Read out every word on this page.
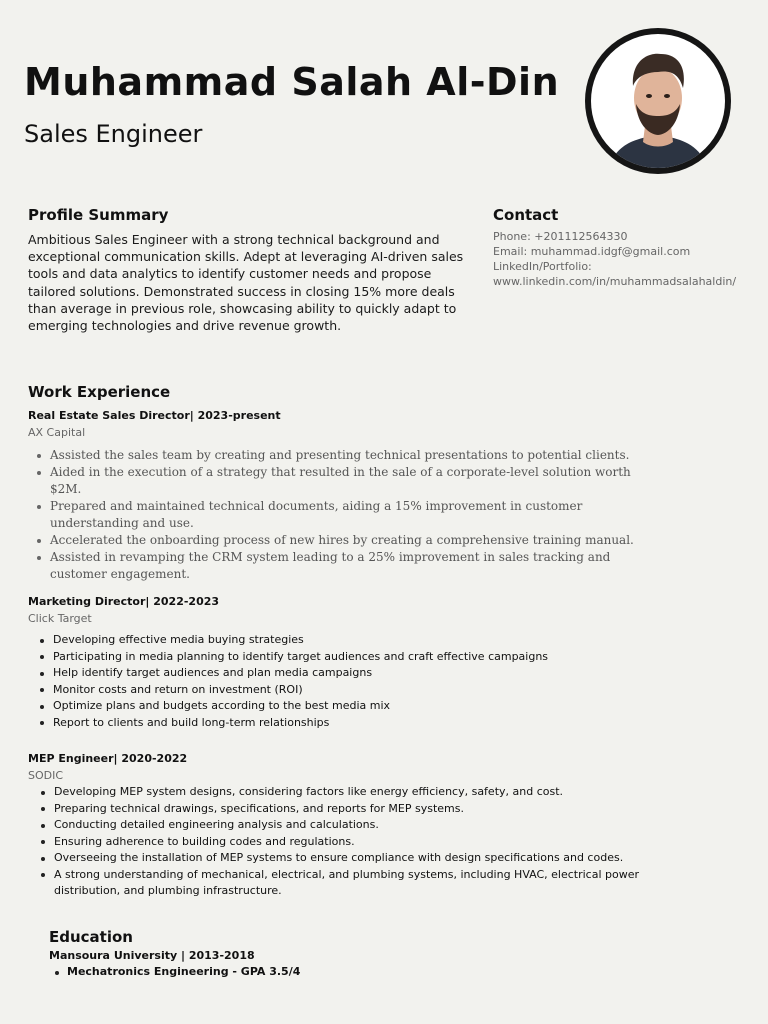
Muhammad Salah Al-Din
Sales Engineer
Profile Summary

Ambitious Sales Engineer with a strong technical background and exceptional communication skills. Adept at leveraging AI-driven sales tools and data analytics to identify customer needs and propose tailored solutions. Demonstrated success in closing 15% more deals than average in previous role, showcasing ability to quickly adapt to emerging technologies and drive revenue growth.

Contact
Phone: +201112564330
Email: muhammad.idgf@gmail.com
LinkedIn/Portfolio:
www.linkedin.com/in/muhammadsalahaldin/
Work Experience
Real Estate Sales Director| 2023-present
AX Capital
Assisted the sales team by creating and presenting technical presentations to potential clients.
Aided in the execution of a strategy that resulted in the sale of a corporate-level solution worth $2M.
Prepared and maintained technical documents, aiding a 15% improvement in customer understanding and use.
Accelerated the onboarding process of new hires by creating a comprehensive training manual.
Assisted in revamping the CRM system leading to a 25% improvement in sales tracking and customer engagement.
Marketing Director| 2022-2023
Click Target
Developing effective media buying strategies
Participating in media planning to identify target audiences and craft effective campaigns
Help identify target audiences and plan media campaigns
Monitor costs and return on investment (ROI)
Optimize plans and budgets according to the best media mix
Report to clients and build long-term relationships
MEP Engineer| 2020-2022
SODIC
Developing MEP system designs, considering factors like energy efficiency, safety, and cost.
Preparing technical drawings, specifications, and reports for MEP systems.
Conducting detailed engineering analysis and calculations.
Ensuring adherence to building codes and regulations.
Overseeing the installation of MEP systems to ensure compliance with design specifications and codes.
A strong understanding of mechanical, electrical, and plumbing systems, including HVAC, electrical power distribution, and plumbing infrastructure.
Education
Mansoura University | 2013-2018
Mechatronics Engineering - GPA 3.5/4
